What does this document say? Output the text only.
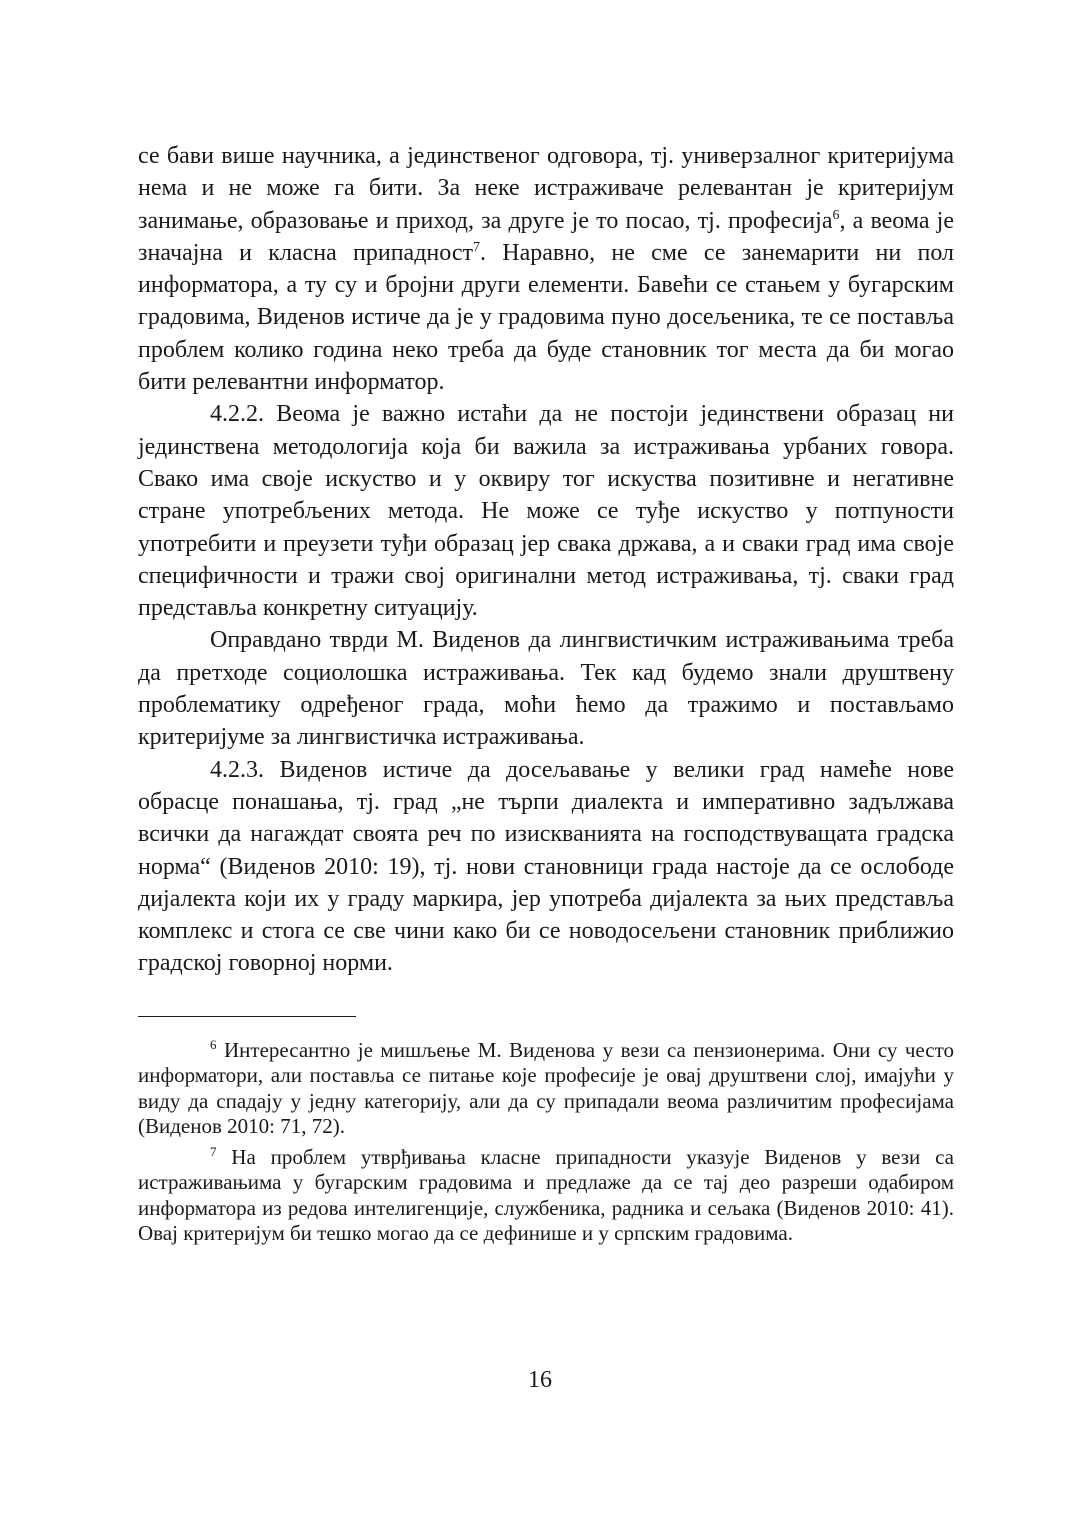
се бави више научника, а јединственог одговора, тј. универзалног критеријума нема и не може га бити. За неке истраживаче релевантан је критеријум занимање, образовање и приход, за друге је то посао, тј. професија$^6$, а веома је значајна и класна припадност$^7$. Наравно, не сме се занемарити ни пол информатора, а ту су и бројни други елементи. Бавећи се стањем у бугарским градовима, Виденов истиче да је у градовима пуно досељеника, те се поставља проблем колико година неко треба да буде становник тог места да би могао бити релевантни информатор.

4.2.2. Веома је важно истаћи да не постоји јединствени образац ни јединствена методологија која би важила за истраживања урбаних говора. Свако има своје искуство и у оквиру тог искуства позитивне и негативне стране употребљених метода. Не може се туђе искуство у потпуности употребити и преузети туђи образац јер свака држава, а и сваки град има своје специфичности и тражи свој оригинални метод истраживања, тј. сваки град представља конкретну ситуацију.

Оправдано тврди М. Виденов да лингвистичким истраживањима треба да претходе социолошка истраживања. Тек кад будемо знали друштвену проблематику одређеног града, моћи ћемо да тражимо и постављамо критеријуме за лингвистичка истраживања.

4.2.3. Виденов истиче да досељавање у велики град намеће нове обрасце понашања, тј. град „не търпи диалекта и императивно задължава всички да нагаждат своята реч по изискванията на господствуващата градска норма“ (Виденов 2010: 19), тј. нови становници града настоје да се ослободе дијалекта који их у граду маркира, јер употреба дијалекта за њих представља комплекс и стога се све чини како би се новодосељени становник приближио градској говорној норми.

$^6$ Интересантно је мишљење М. Виденова у вези са пензионерима. Они су често информатори, али поставља се питање које професије је овај друштвени слој, имајући у виду да спадају у једну категорију, али да су припадали веома различитим професијама (Виденов 2010: 71, 72).

$^7$ На проблем утврђивања класне припадности указује Виденов у вези са истраживањима у бугарским градовима и предлаже да се тај део разреши одабиром информатора из редова интелигенције, службеника, радника и сељака (Виденов 2010: 41). Овај критеријум би тешко могао да се дефинише и у српским градовима.

16
